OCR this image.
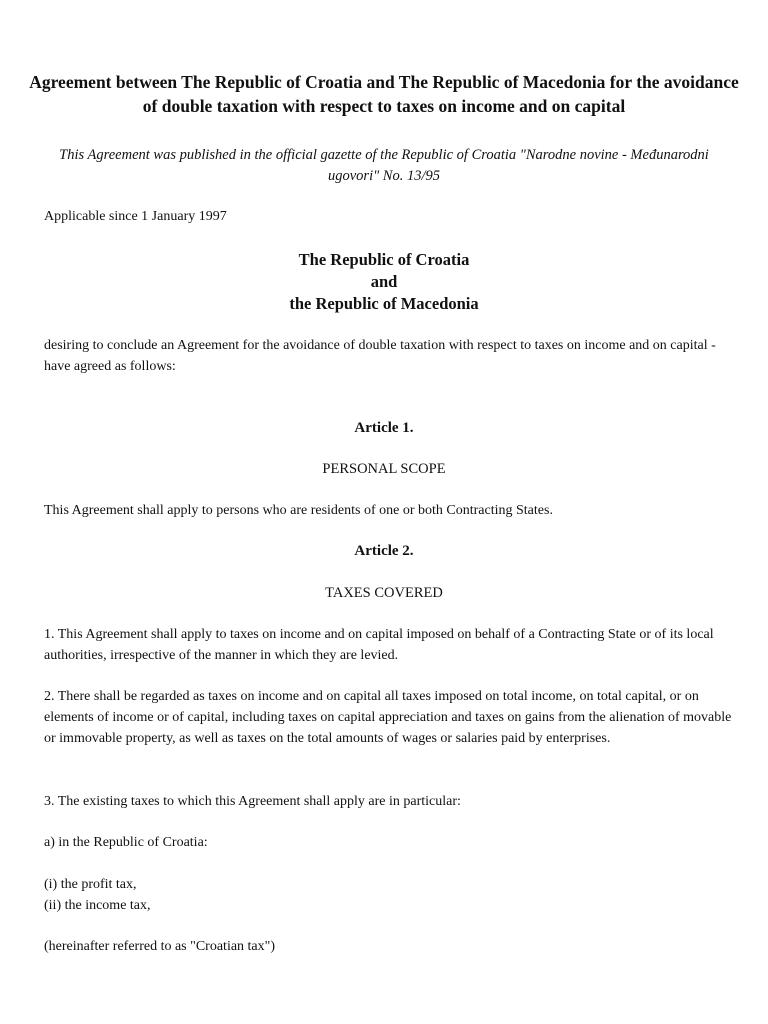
Agreement between The Republic of Croatia and The Republic of Macedonia for the avoidance of double taxation with respect to taxes on income and on capital

This Agreement was published in the official gazette of the Republic of Croatia "Narodne novine - Međunarodni ugovori" No. 13/95

Applicable since 1 January 1997

The Republic of Croatia
and
the Republic of Macedonia
desiring to conclude an Agreement for the avoidance of double taxation with respect to taxes on income and on capital -
have agreed as follows:

Article 1.

PERSONAL SCOPE

This Agreement shall apply to persons who are residents of one or both Contracting States.

Article 2.

TAXES COVERED

1. This Agreement shall apply to taxes on income and on capital imposed on behalf of a Contracting State or of its local authorities, irrespective of the manner in which they are levied.

2. There shall be regarded as taxes on income and on capital all taxes imposed on total income, on total capital, or on elements of income or of capital, including taxes on capital appreciation and taxes on gains from the alienation of movable or immovable property, as well as taxes on the total amounts of wages or salaries paid by enterprises.

3. The existing taxes to which this Agreement shall apply are in particular:

a) in the Republic of Croatia:

(i) the profit tax,
(ii) the income tax,

(hereinafter referred to as "Croatian tax")
